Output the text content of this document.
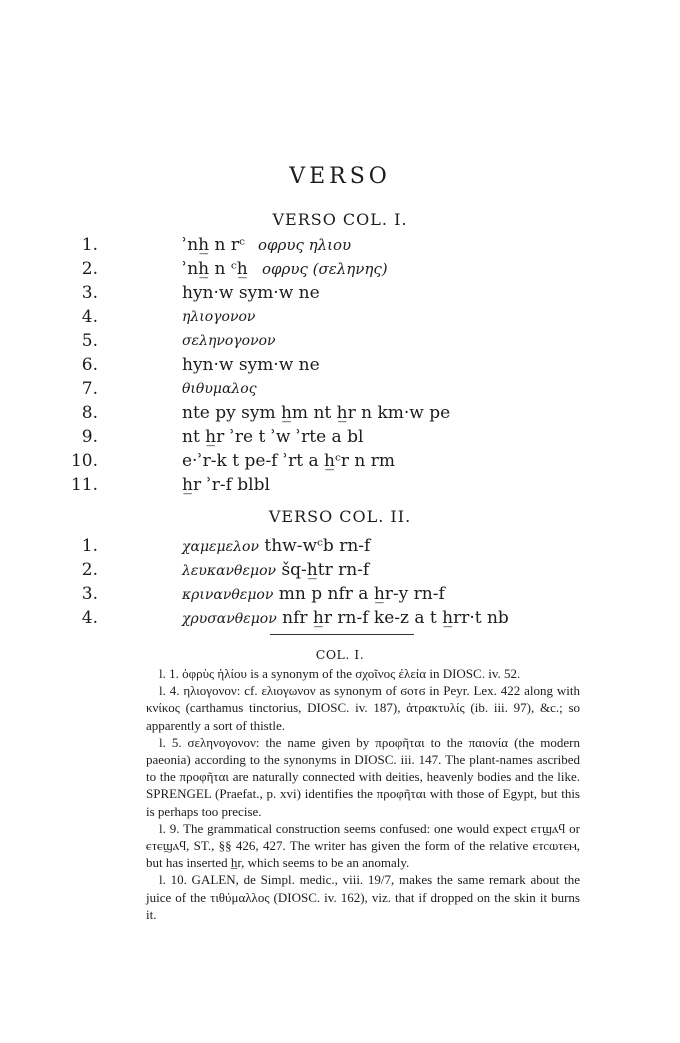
VERSO
VERSO COL. I.
1.	ʾnh̲ n rᶜ οφρυς ηλιου
2.	ʾnh̲ n ᶜh̲ οφρυς (σεληνης)
3.	hyn·w sym·w ne
4.	ηλιογονον
5.	σεληνογονον
6.	hyn·w sym·w ne
7.	θιθυμαλος
8.	nte py sym h̲m nt h̲r n km·w pe
9.	nt h̲r ʾre t ʾw ʾrte a bl
10.	e·ʾr-k t pe-f ʾrt a h̲ᶜr n rm
11.	h̲r ʾr-f blbl
VERSO COL. II.
1.	χαμεμελον thw-wᶜb rn-f
2.	λευκανθεμον šq-h̲tr rn-f
3.	κρινανθεμον mn p nfr a h̲r-y rn-f
4.	χρυσανθεμον nfr h̲r rn-f ke-z a t h̲rr·t nb
COL. I.

l. 1. ὀφρὺς ἡλίου is a synonym of the σχοῖνος ἐλεία in DIOSC. iv. 52.

l. 4. ηλιογονον: cf. ελιογωνον as synonym of ϭⲟⲧϭ in Peyr. Lex. 422 along with κνίκος (carthamus tinctorius, DIOSC. iv. 187), ἀτρακτυλίς (ib. iii. 97), &c.; so apparently a sort of thistle.

l. 5. σεληνογονον: the name given by προφῆται to the παιονία (the modern paeonia) according to the synonyms in DIOSC. iii. 147. The plant-names ascribed to the προφῆται are naturally connected with deities, heavenly bodies and the like. SPRENGEL (Praefat., p. xvi) identifies the προφῆται with those of Egypt, but this is perhaps too precise.

l. 9. The grammatical construction seems confused: one would expect ⲉⲧϣⲁϥ or ⲉⲧⲉϣⲁϥ, ST., §§ 426, 427. The writer has given the form of the relative ⲉⲧⲥⲱⲧⲉⲙ, but has inserted h̲r, which seems to be an anomaly.

l. 10. GALEN, de Simpl. medic., viii. 19/7, makes the same remark about the juice of the τιθύμαλλος (DIOSC. iv. 162), viz. that if dropped on the skin it burns it.
